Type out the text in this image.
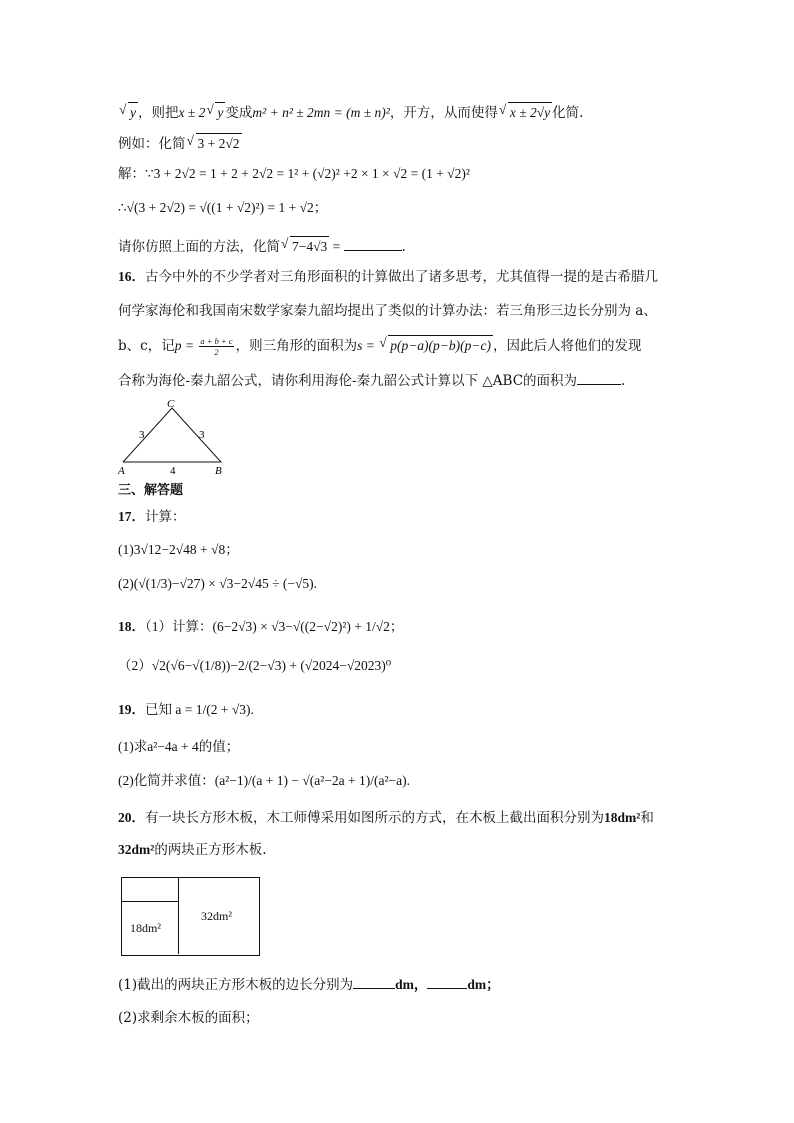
√ y ，则把x ± 2 √ y 变成m² + n² ± 2mn = (m ± n)²，开方，从而使得 √ x ± 2√y 化简.
例如：化简 √ 3 + 2√2
解：∵3 + 2√2 = 1 + 2 + 2√2 = 1² + (√2)² +2 × 1 × √2 = (1 + √2)²
∴√(3 + 2√2) = √((1 + √2)²) = 1 + √2；
请你仿照上面的方法，化简 √ 7−4√3 =	.
16．古今中外的不少学者对三角形面积的计算做出了诸多思考，尤其值得一提的是古希腊几
何学家海伦和我国南宋数学家秦九韶均提出了类似的计算办法：若三角形三边长分别为 a、
b、c，记$p = \frac{a + b + c}{2}$ ，则三角形的面积为s = √ p(p−a)(p−b)(p−c) ，因此后人将他们的发现
合称为海伦-秦九韶公式，请你利用海伦-秦九韶公式计算以下 △ABC的面积为	.
C
A	B
3	3
4
三、解答题
17．计算：
(1)3√12−2√48 + √8；
(2)(√(1/3)−√27) × √3−2√45 ÷ (−√5).
18．（1）计算：(6−2√3) × √3−√((2−√2)²) + 1/√2；
（2）√2(√6−√(1/8))−2/(2−√3) + (√2024−√2023)⁰
19．已知 a = 1/(2 + √3).
(1)求a²−4a + 4的值；
(2)化简并求值：(a²−1)/(a + 1) − √(a²−2a + 1)/(a²−a).
20．有一块长方形木板，木工师傅采用如图所示的方式，在木板上截出面积分别为18dm²和
32dm²的两块正方形木板.
18dm²
32dm²
(1)截出的两块正方形木板的边长分别为	dm，	dm；
(2)求剩余木板的面积；
